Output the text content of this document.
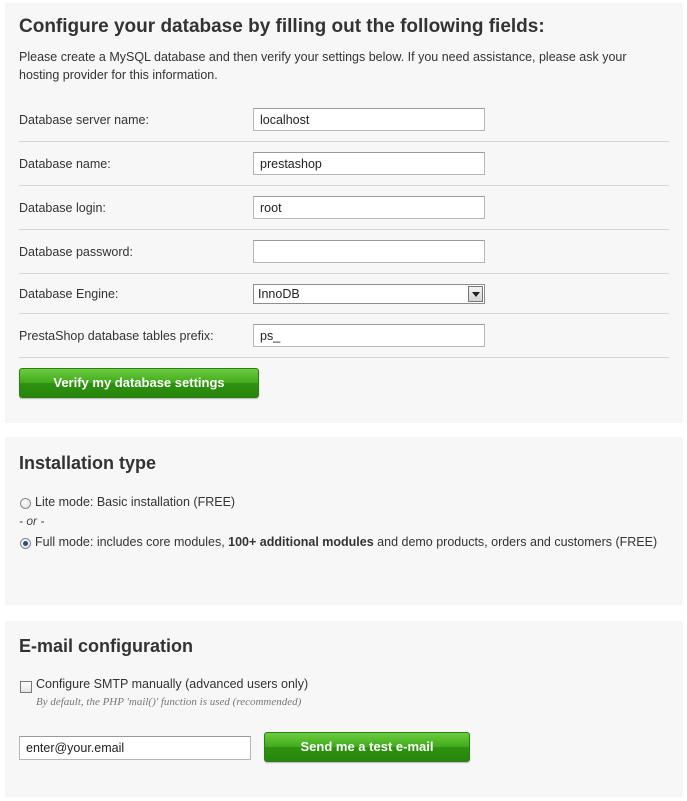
Configure your database by filling out the following fields:
Please create a MySQL database and then verify your settings below. If you need assistance, please ask your hosting provider for this information.
Database server name:
localhost
Database name:
prestashop
Database login:
root
Database password:
Database Engine:	InnoDB
PrestaShop database tables prefix:
ps_
Verify my database settings
Installation type
Lite mode: Basic installation (FREE)
- or -
Full mode: includes core modules, 100+ additional modules and demo products, orders and customers (FREE)
E-mail configuration
Configure SMTP manually (advanced users only)
By default, the PHP 'mail()' function is used (recommended)
enter@your.email
Send me a test e-mail
